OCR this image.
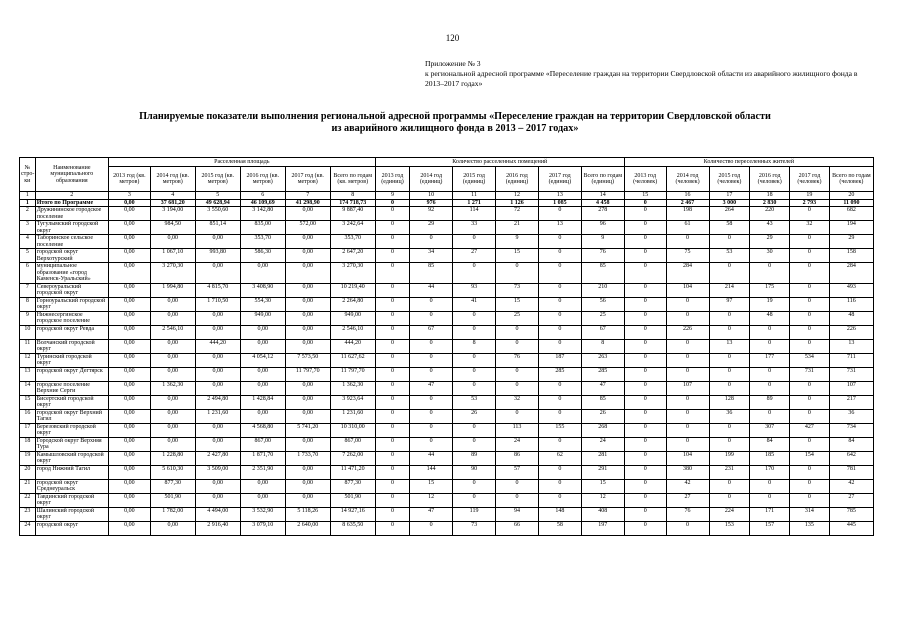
120
Приложение № 3
к региональной адресной программе «Переселение граждан на территории Свердловской области из аварийного жилищного фонда в 2013–2017 годах»
Планируемые показатели выполнения региональной адресной программы «Переселение граждан на территории Свердловской области
из аварийного жилищного фонда в 2013 – 2017 годах»
№ стро-ки	Наименование муниципального образования	Расселенная площадь						Количество расселенных помещений						Количество переселенных жителей					
		2013 год (кв. метров)	2014 год (кв. метров)	2015 год (кв. метров)	2016 год (кв. метров)	2017 год (кв. метров)	Всего по годам (кв. метров)	2013 год (единиц)	2014 год (единиц)	2015 год (единиц)	2016 год (единиц)	2017 год (единиц)	Всего по годам (единиц)	2013 год (человек)	2014 год (человек)	2015 год (человек)	2016 год (человек)	2017 год (человек)	Всего по годам (человек)
1	2	3	4	5	6	7	8	9	10	11	12	13	14	15	16	17	18	19	20
1	Итого по Программе	0,00	37 681,20	49 628,94	46 109,69	41 298,90	174 718,73	0	976	1 271	1 126	1 085	4 458	0	2 467	3 000	2 830	2 793	11 090
2	Дружининское городское поселение	0,00	3 194,00	3 550,60	3 142,80	0,00	9 887,40	0	92	114	72	0	278	0	198	264	220	0	682
3	Тугулымский городской округ	0,00	984,50	851,14	835,00	572,00	3 242,64	0	29	33	21	13	96	0	61	58	43	32	194
4	Таборинское сельское поселение	0,00	0,00	0,00	353,70	0,00	353,70	0	0	0	9	0	9	0	0	0	29	0	29
5	городской округ Верхотурский	0,00	1 067,10	993,80	586,30	0,00	2 647,20	0	34	27	15	0	76	0	75	53	30	0	158
6	муниципальное образование «город Каменск-Уральский»	0,00	3 270,30	0,00	0,00	0,00	3 270,30	0	85	0	0	0	85	0	284	0	0	0	284
7	Североуральский городской округ	0,00	1 994,80	4 815,70	3 408,90	0,00	10 219,40	0	44	93	73	0	210	0	104	214	175	0	493
8	Горноуральский городской округ	0,00	0,00	1 710,50	554,30	0,00	2 264,80	0	0	41	15	0	56	0	0	97	19	0	116
9	Нижнесергинское городское поселение	0,00	0,00	0,00	949,00	0,00	949,00	0	0	0	25	0	25	0	0	0	48	0	48
10	городской округ Ревда	0,00	2 546,10	0,00	0,00	0,00	2 546,10	0	67	0	0	0	67	0	226	0	0	0	226
11	Волчанский городской округ	0,00	0,00	444,20	0,00	0,00	444,20	0	0	8	0	0	8	0	0	13	0	0	13
12	Туринский городской округ	0,00	0,00	0,00	4 054,12	7 573,50	11 627,62	0	0	0	76	187	263	0	0	0	177	534	711
13	городской округ Дегтярск	0,00	0,00	0,00	0,00	11 797,70	11 797,70	0	0	0	0	285	285	0	0	0	0	731	731
14	городское поселение Верхние Серги	0,00	1 362,30	0,00	0,00	0,00	1 362,30	0	47	0	0	0	47	0	107	0	0	0	107
15	Бисертский городской округ	0,00	0,00	2 494,80	1 428,84	0,00	3 923,64	0	0	53	32	0	85	0	0	128	89	0	217
16	городской округ Верхний Тагил	0,00	0,00	1 231,60	0,00	0,00	1 231,60	0	0	26	0	0	26	0	0	36	0	0	36
17	Березовский городской округ	0,00	0,00	0,00	4 568,80	5 741,20	10 310,00	0	0	0	113	155	268	0	0	0	307	427	734
18	Городской округ Верхняя Тура	0,00	0,00	0,00	867,00	0,00	867,00	0	0	0	24	0	24	0	0	0	84	0	84
19	Камышловский городской округ	0,00	1 228,80	2 427,80	1 871,70	1 733,70	7 262,00	0	44	89	86	62	281	0	104	199	185	154	642
20	город Нижний Тагил	0,00	5 610,30	3 509,00	2 351,90	0,00	11 471,20	0	144	90	57	0	291	0	380	231	170	0	781
21	городской округ Среднеуральск	0,00	877,30	0,00	0,00	0,00	877,30	0	15	0	0	0	15	0	42	0	0	0	42
22	Тавдинский городской округ	0,00	501,90	0,00	0,00	0,00	501,90	0	12	0	0	0	12	0	27	0	0	0	27
23	Шалинский городской округ	0,00	1 782,00	4 494,00	3 532,90	5 118,26	14 927,16	0	47	119	94	148	408	0	76	224	171	314	785
24	городской округ	0,00	0,00	2 916,40	3 079,10	2 640,00	8 635,50	0	0	73	66	58	197	0	0	153	157	135	445
